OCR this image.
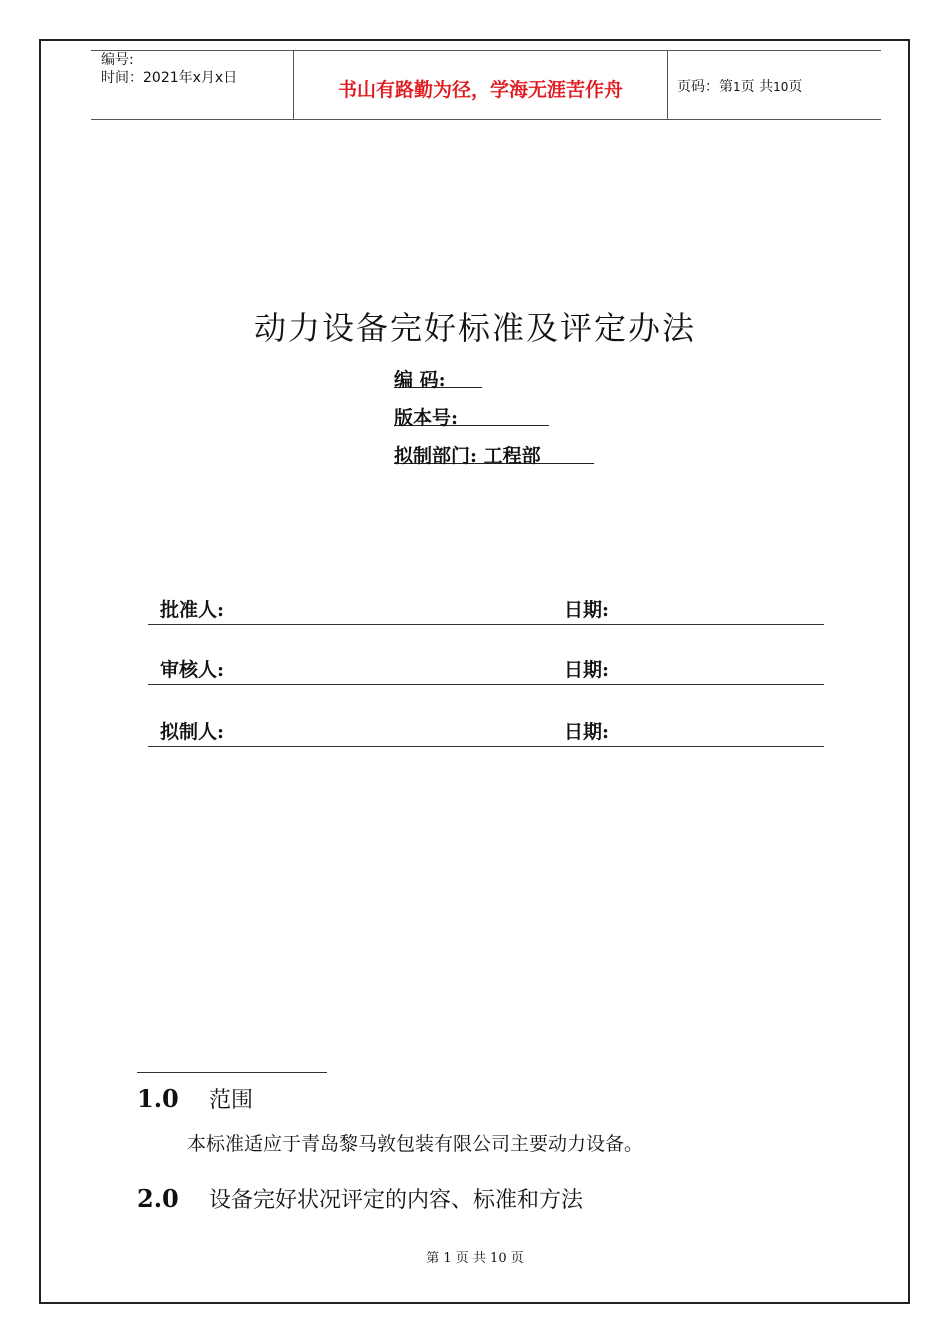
编号:
时间：2021年x月x日
书山有路勤为径，学海无涯苦作舟	页码：第1页 共10页
动力设备完好标准及评定办法
编 码:
版本号:
拟制部门: 工程部
批准人:	日期:
审核人:	日期:
拟制人:	日期:
1.0 范围
本标准适应于青岛黎马敦包装有限公司主要动力设备。
2.0 设备完好状况评定的内容、标准和方法
第 1 页 共 10 页
